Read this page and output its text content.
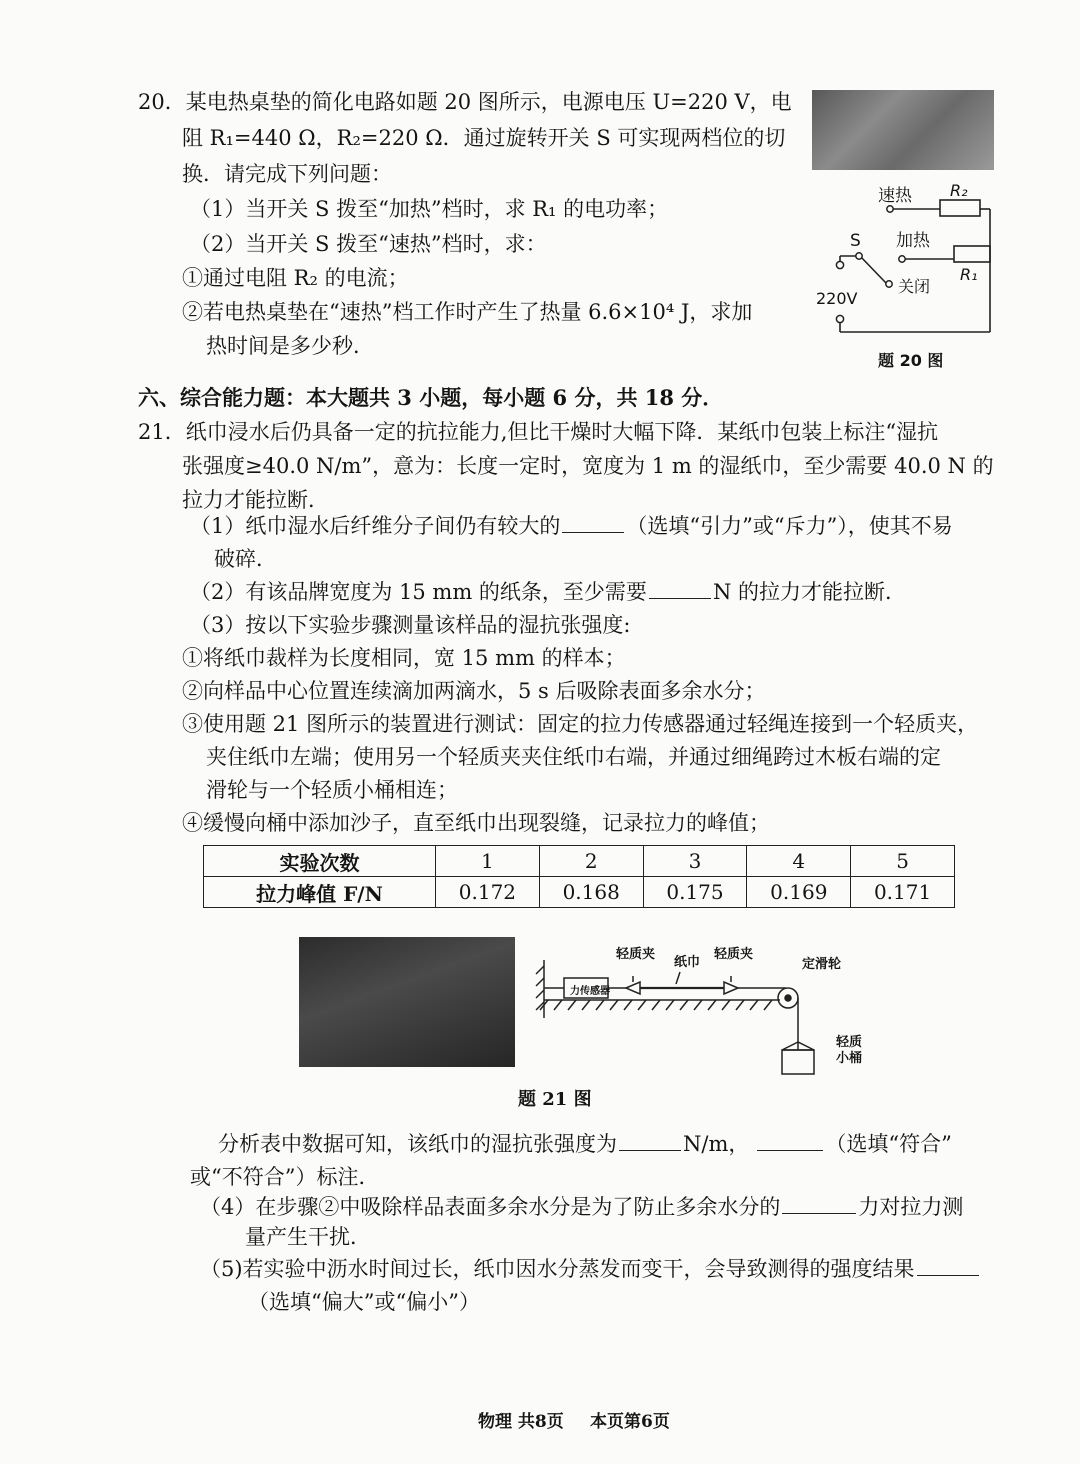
20．某电热桌垫的简化电路如题 20 图所示，电源电压 U=220 V，电
阻 R₁=440 Ω，R₂=220 Ω．通过旋转开关 S 可实现两档位的切
换．请完成下列问题：
（1）当开关 S 拨至“加热”档时，求 R₁ 的电功率；
（2）当开关 S 拨至“速热”档时，求：
①通过电阻 R₂ 的电流；
②若电热桌垫在“速热”档工作时产生了热量 6.6×10⁴ J，求加
热时间是多少秒．
速热 R₂
S 加热
R₁
关闭
220V
题 20 图
六、综合能力题：本大题共 3 小题，每小题 6 分，共 18 分．
21．纸巾浸水后仍具备一定的抗拉能力,但比干燥时大幅下降．某纸巾包装上标注“湿抗
张强度≥40.0 N/m”，意为：长度一定时，宽度为 1 m 的湿纸巾，至少需要 40.0 N 的
拉力才能拉断．
（1）纸巾湿水后纤维分子间仍有较大的	（选填“引力”或“斥力”），使其不易
破碎．
（2）有该品牌宽度为 15 mm 的纸条，至少需要	N 的拉力才能拉断．
（3）按以下实验步骤测量该样品的湿抗张强度:
①将纸巾裁样为长度相同，宽 15 mm 的样本；
②向样品中心位置连续滴加两滴水，5 s 后吸除表面多余水分；
③使用题 21 图所示的装置进行测试：固定的拉力传感器通过轻绳连接到一个轻质夹，
夹住纸巾左端；使用另一个轻质夹夹住纸巾右端，并通过细绳跨过木板右端的定
滑轮与一个轻质小桶相连；
④缓慢向桶中添加沙子，直至纸巾出现裂缝，记录拉力的峰值；
实验次数	1	2	3	4	5
拉力峰值 F/N	0.172	0.168	0.175	0.169	0.171
力传感器
轻质夹
纸巾
轻质夹
定滑轮
轻质
小桶
题 21 图
分析表中数据可知，该纸巾的湿抗张强度为	N/m，	（选填“符合”
或“不符合”）标注．
（4）在步骤②中吸除样品表面多余水分是为了防止多余水分的	力对拉力测
量产生干扰．
（5)若实验中沥水时间过长，纸巾因水分蒸发而变干，会导致测得的强度结果
（选填“偏大”或“偏小”）
物理 共8页 本页第6页
